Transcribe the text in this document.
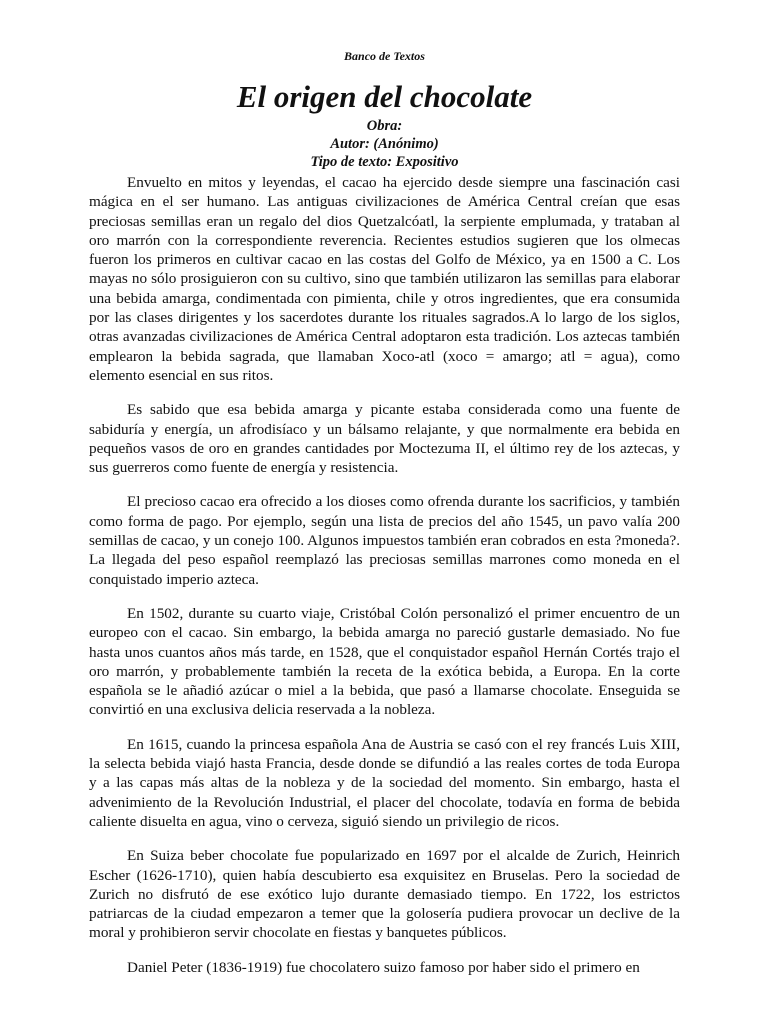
Banco de Textos
El origen del chocolate
Obra:
Autor: (Anónimo)
Tipo de texto: Expositivo

Envuelto en mitos y leyendas, el cacao ha ejercido desde siempre una fascinación casi mágica en el ser humano. Las antiguas civilizaciones de América Central creían que esas preciosas semillas eran un regalo del dios Quetzalcóatl, la serpiente emplumada, y trataban al oro marrón con la correspondiente reverencia. Recientes estudios sugieren que los olmecas fueron los primeros en cultivar cacao en las costas del Golfo de México, ya en 1500 a C. Los mayas no sólo prosiguieron con su cultivo, sino que también utilizaron las semillas para elaborar una bebida amarga, condimentada con pimienta, chile y otros ingredientes, que era consumida por las clases dirigentes y los sacerdotes durante los rituales sagrados.A lo largo de los siglos, otras avanzadas civilizaciones de América Central adoptaron esta tradición. Los aztecas también emplearon la bebida sagrada, que llamaban Xoco-atl (xoco = amargo; atl = agua), como elemento esencial en sus ritos.

Es sabido que esa bebida amarga y picante estaba considerada como una fuente de sabiduría y energía, un afrodisíaco y un bálsamo relajante, y que normalmente era bebida en pequeños vasos de oro en grandes cantidades por Moctezuma II, el último rey de los aztecas, y sus guerreros como fuente de energía y resistencia.

El precioso cacao era ofrecido a los dioses como ofrenda durante los sacrificios, y también como forma de pago. Por ejemplo, según una lista de precios del año 1545, un pavo valía 200 semillas de cacao, y un conejo 100. Algunos impuestos también eran cobrados en esta ?moneda?. La llegada del peso español reemplazó las preciosas semillas marrones como moneda en el conquistado imperio azteca.

En 1502, durante su cuarto viaje, Cristóbal Colón personalizó el primer encuentro de un europeo con el cacao. Sin embargo, la bebida amarga no pareció gustarle demasiado. No fue hasta unos cuantos años más tarde, en 1528, que el conquistador español Hernán Cortés trajo el oro marrón, y probablemente también la receta de la exótica bebida, a Europa. En la corte española se le añadió azúcar o miel a la bebida, que pasó a llamarse chocolate. Enseguida se convirtió en una exclusiva delicia reservada a la nobleza.

En 1615, cuando la princesa española Ana de Austria se casó con el rey francés Luis XIII, la selecta bebida viajó hasta Francia, desde donde se difundió a las reales cortes de toda Europa y a las capas más altas de la nobleza y de la sociedad del momento. Sin embargo, hasta el advenimiento de la Revolución Industrial, el placer del chocolate, todavía en forma de bebida caliente disuelta en agua, vino o cerveza, siguió siendo un privilegio de ricos.

En Suiza beber chocolate fue popularizado en 1697 por el alcalde de Zurich, Heinrich Escher (1626-1710), quien había descubierto esa exquisitez en Bruselas. Pero la sociedad de Zurich no disfrutó de ese exótico lujo durante demasiado tiempo. En 1722, los estrictos patriarcas de la ciudad empezaron a temer que la golosería pudiera provocar un declive de la moral y prohibieron servir chocolate en fiestas y banquetes públicos.

Daniel Peter (1836-1919) fue chocolatero suizo famoso por haber sido el primero en
